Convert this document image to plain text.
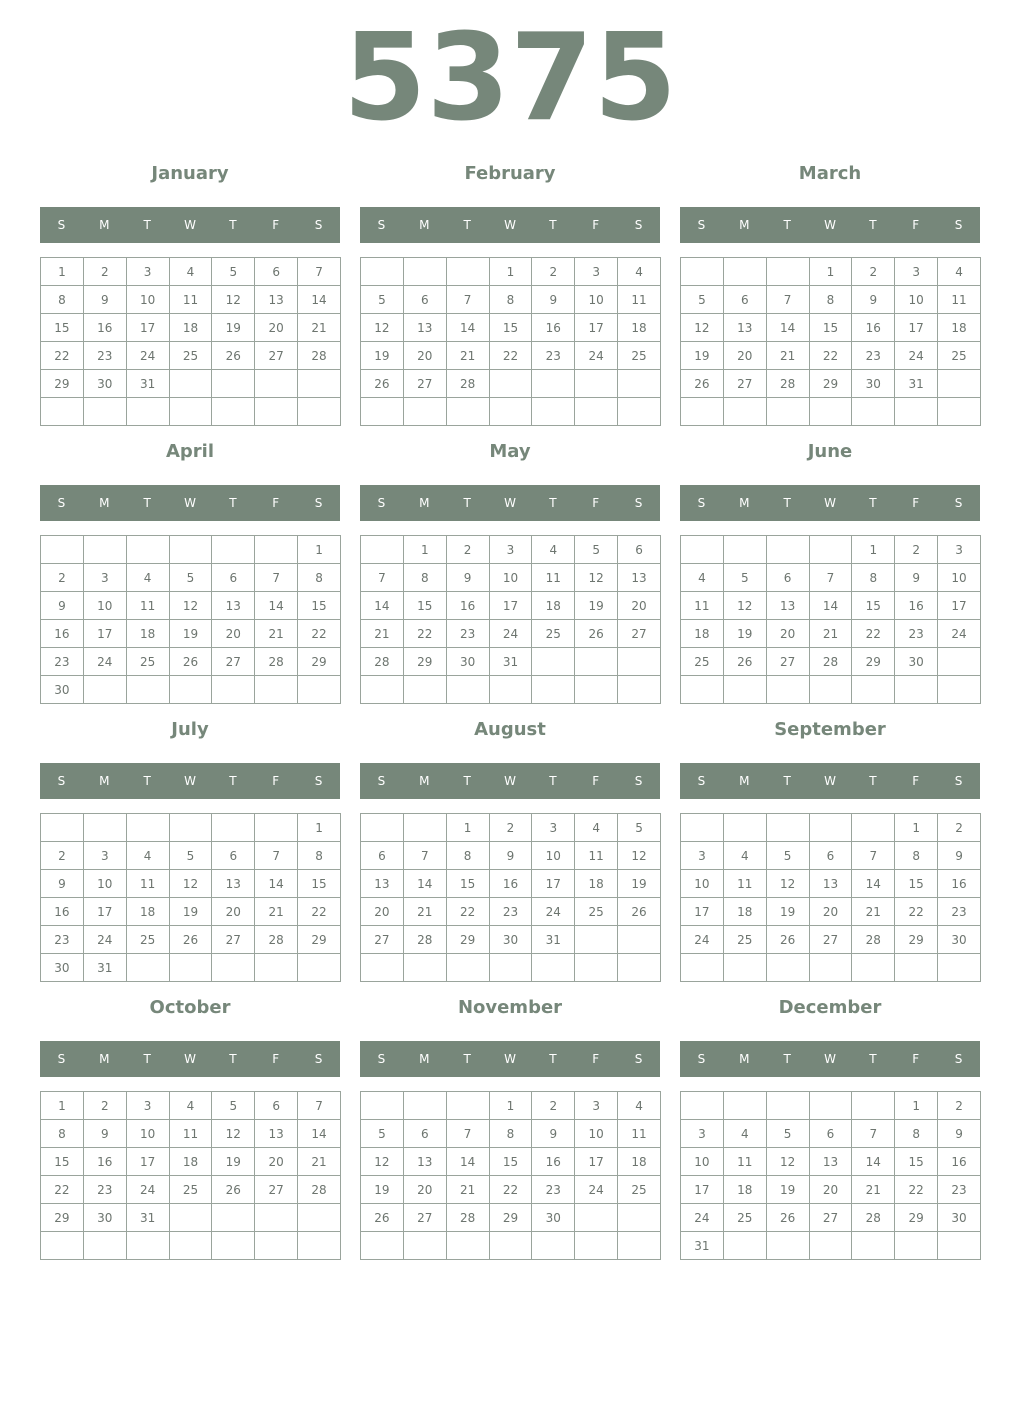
5375
January
S	M	T	W	T	F	S
1	2	3	4	5	6	7
8	9	10	11	12	13	14
15	16	17	18	19	20	21
22	23	24	25	26	27	28
29	30	31				

February
S	M	T	W	T	F	S
			1	2	3	4
5	6	7	8	9	10	11
12	13	14	15	16	17	18
19	20	21	22	23	24	25
26	27	28				

March
S	M	T	W	T	F	S
			1	2	3	4
5	6	7	8	9	10	11
12	13	14	15	16	17	18
19	20	21	22	23	24	25
26	27	28	29	30	31	

April
S	M	T	W	T	F	S
						1
2	3	4	5	6	7	8
9	10	11	12	13	14	15
16	17	18	19	20	21	22
23	24	25	26	27	28	29
30						
May
S	M	T	W	T	F	S
	1	2	3	4	5	6
7	8	9	10	11	12	13
14	15	16	17	18	19	20
21	22	23	24	25	26	27
28	29	30	31			

June
S	M	T	W	T	F	S
				1	2	3
4	5	6	7	8	9	10
11	12	13	14	15	16	17
18	19	20	21	22	23	24
25	26	27	28	29	30	

July
S	M	T	W	T	F	S
						1
2	3	4	5	6	7	8
9	10	11	12	13	14	15
16	17	18	19	20	21	22
23	24	25	26	27	28	29
30	31					
August
S	M	T	W	T	F	S
		1	2	3	4	5
6	7	8	9	10	11	12
13	14	15	16	17	18	19
20	21	22	23	24	25	26
27	28	29	30	31		

September
S	M	T	W	T	F	S
					1	2
3	4	5	6	7	8	9
10	11	12	13	14	15	16
17	18	19	20	21	22	23
24	25	26	27	28	29	30

October
S	M	T	W	T	F	S
1	2	3	4	5	6	7
8	9	10	11	12	13	14
15	16	17	18	19	20	21
22	23	24	25	26	27	28
29	30	31				

November
S	M	T	W	T	F	S
			1	2	3	4
5	6	7	8	9	10	11
12	13	14	15	16	17	18
19	20	21	22	23	24	25
26	27	28	29	30		

December
S	M	T	W	T	F	S
					1	2
3	4	5	6	7	8	9
10	11	12	13	14	15	16
17	18	19	20	21	22	23
24	25	26	27	28	29	30
31						
